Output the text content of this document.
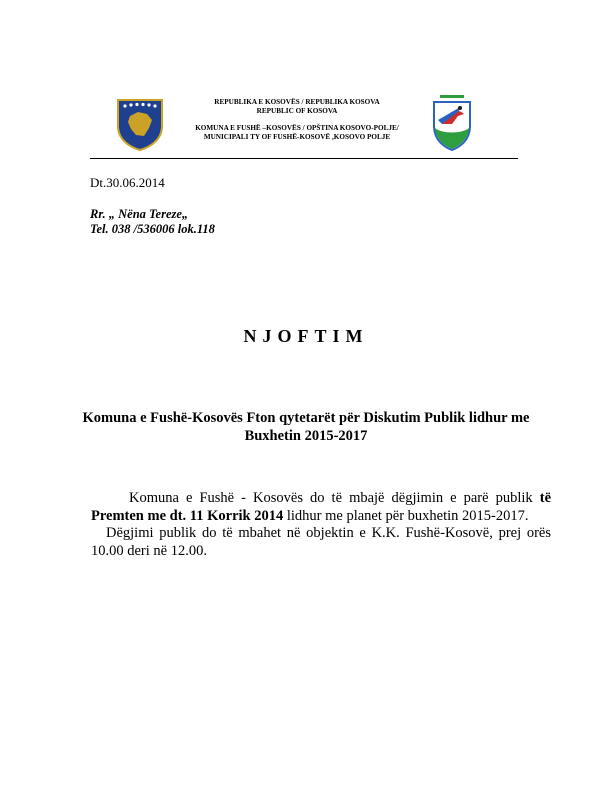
REPUBLIKA E KOSOVËS / REPUBLIKA KOSOVA
REPUBLIC OF KOSOVA
KOMUNA E FUSHË –KOSOVËS / OPŠTINA KOSOVO-POLJE/
MUNICIPALI TY OF FUSHË-KOSOVË ,KOSOVO POLJE
Dt.30.06.2014
Rr. „ Nëna Tereze„
Tel. 038 /536006 lok.118
NJOFTIM
Komuna e Fushë-Kosovës Fton qytetarët për Diskutim Publik lidhur me
Buxhetin 2015-2017

Komuna e Fushë - Kosovës do të mbajë dëgjimin e parë publik të Premten me dt. 11 Korrik 2014 lidhur me planet për buxhetin 2015-2017.

Dëgjimi publik do të mbahet në objektin e K.K. Fushë-Kosovë, prej orës 10.00 deri në 12.00.
